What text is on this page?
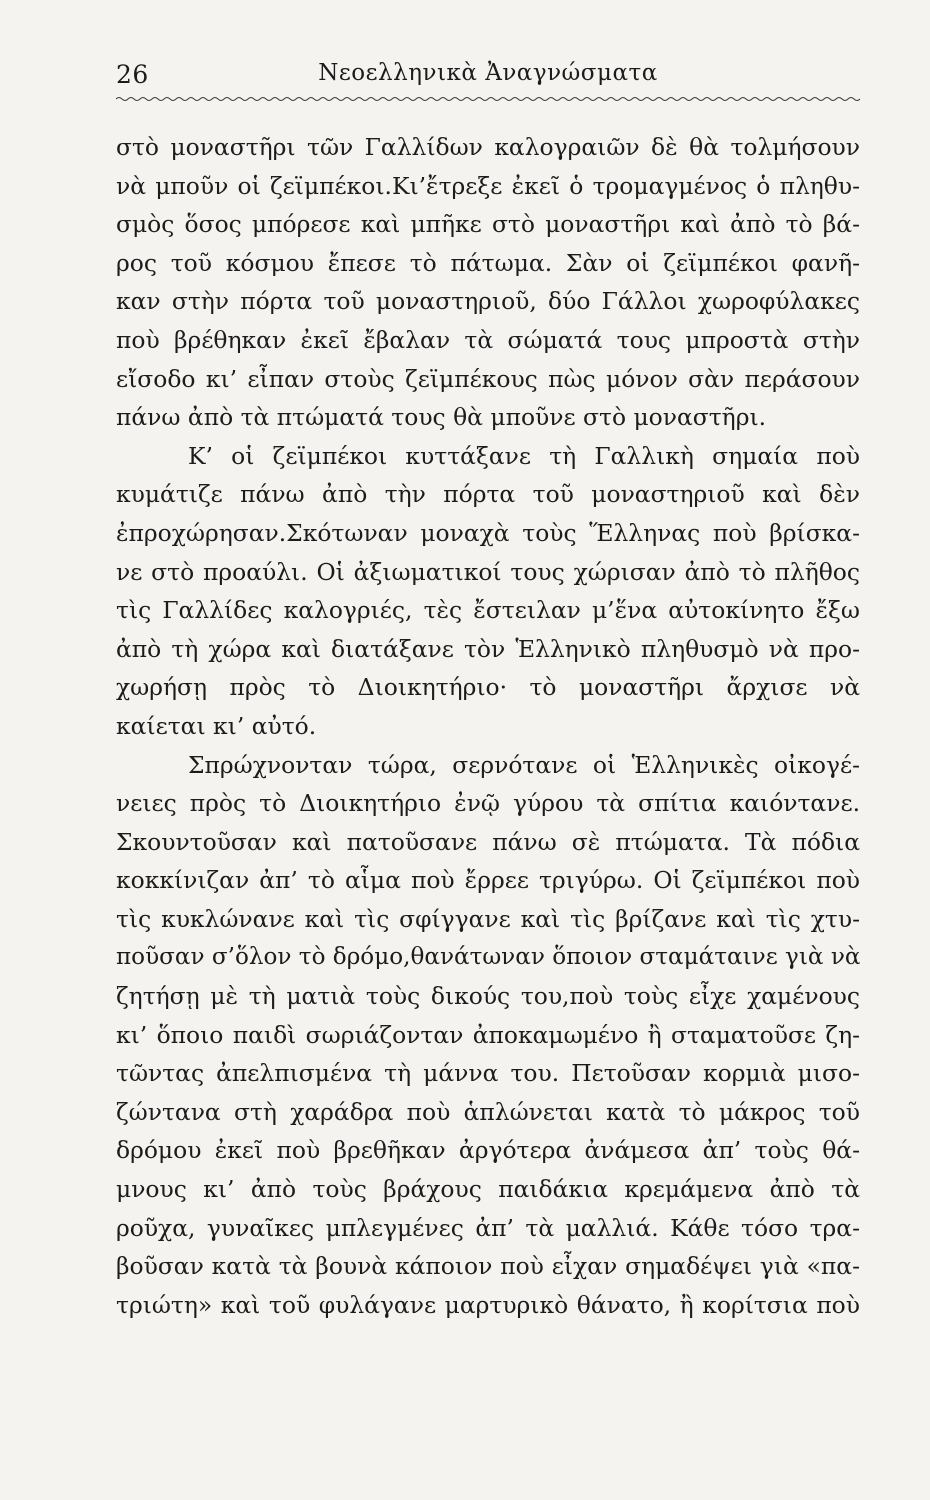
26	Νεοελληνικὰ Ἀναγνώσματα
στὸ μοναστῆρι τῶν Γαλλίδων καλογραιῶν δὲ θὰ τολμήσουν
νὰ μποῦν οἱ ζεϊμπέκοι.Κι’ἔτρεξε ἐκεῖ ὁ τρομαγμένος ὁ πληθυ-
σμὸς ὅσος μπόρεσε καὶ μπῆκε στὸ μοναστῆρι καὶ ἀπὸ τὸ βά-
ρος τοῦ κόσμου ἔπεσε τὸ πάτωμα. Σὰν οἱ ζεϊμπέκοι φανῆ-
καν στὴν πόρτα τοῦ μοναστηριοῦ, δύο Γάλλοι χωροφύλακες
ποὺ βρέθηκαν ἐκεῖ ἔβαλαν τὰ σώματά τους μπροστὰ στὴν
εἴσοδο κι’ εἶπαν στοὺς ζεϊμπέκους πὼς μόνον σὰν περάσουν
πάνω ἀπὸ τὰ πτώματά τους θὰ μποῦνε στὸ μοναστῆρι.
Κ’ οἱ ζεϊμπέκοι κυττάξανε τὴ Γαλλικὴ σημαία ποὺ
κυμάτιζε πάνω ἀπὸ τὴν πόρτα τοῦ μοναστηριοῦ καὶ δὲν
ἐπροχώρησαν.Σκότωναν μοναχὰ τοὺς Ἕλληνας ποὺ βρίσκα-
νε στὸ προαύλι. Οἱ ἀξιωματικοί τους χώρισαν ἀπὸ τὸ πλῆθος
τὶς Γαλλίδες καλογριές, τὲς ἔστειλαν μ’ἕνα αὐτοκίνητο ἔξω
ἀπὸ τὴ χώρα καὶ διατάξανε τὸν Ἑλληνικὸ πληθυσμὸ νὰ προ-
χωρήσῃ πρὸς τὸ Διοικητήριο· τὸ μοναστῆρι ἄρχισε νὰ
καίεται κι’ αὐτό.
Σπρώχνονταν τώρα, σερνότανε οἱ Ἑλληνικὲς οἰκογέ-
νειες πρὸς τὸ Διοικητήριο ἐνῷ γύρου τὰ σπίτια καιόντανε.
Σκουντοῦσαν καὶ πατοῦσανε πάνω σὲ πτώματα. Τὰ πόδια
κοκκίνιζαν ἀπ’ τὸ αἷμα ποὺ ἔρρεε τριγύρω. Οἱ ζεϊμπέκοι ποὺ
τὶς κυκλώνανε καὶ τὶς σφίγγανε καὶ τὶς βρίζανε καὶ τὶς χτυ-
ποῦσαν σ’ὅλον τὸ δρόμο,θανάτωναν ὅποιον σταμάταινε γιὰ νὰ
ζητήσῃ μὲ τὴ ματιὰ τοὺς δικούς του,ποὺ τοὺς εἶχε χαμένους
κι’ ὅποιο παιδὶ σωριάζονταν ἀποκαμωμένο ἢ σταματοῦσε ζη-
τῶντας ἀπελπισμένα τὴ μάννα του. Πετοῦσαν κορμιὰ μισο-
ζώντανα στὴ χαράδρα ποὺ ἁπλώνεται κατὰ τὸ μάκρος τοῦ
δρόμου ἐκεῖ ποὺ βρεθῆκαν ἀργότερα ἀνάμεσα ἀπ’ τοὺς θά-
μνους κι’ ἀπὸ τοὺς βράχους παιδάκια κρεμάμενα ἀπὸ τὰ
ροῦχα, γυναῖκες μπλεγμένες ἀπ’ τὰ μαλλιά. Κάθε τόσο τρα-
βοῦσαν κατὰ τὰ βουνὰ κάποιον ποὺ εἶχαν σημαδέψει γιὰ «πα-
τριώτη» καὶ τοῦ φυλάγανε μαρτυρικὸ θάνατο, ἢ κορίτσια ποὺ
